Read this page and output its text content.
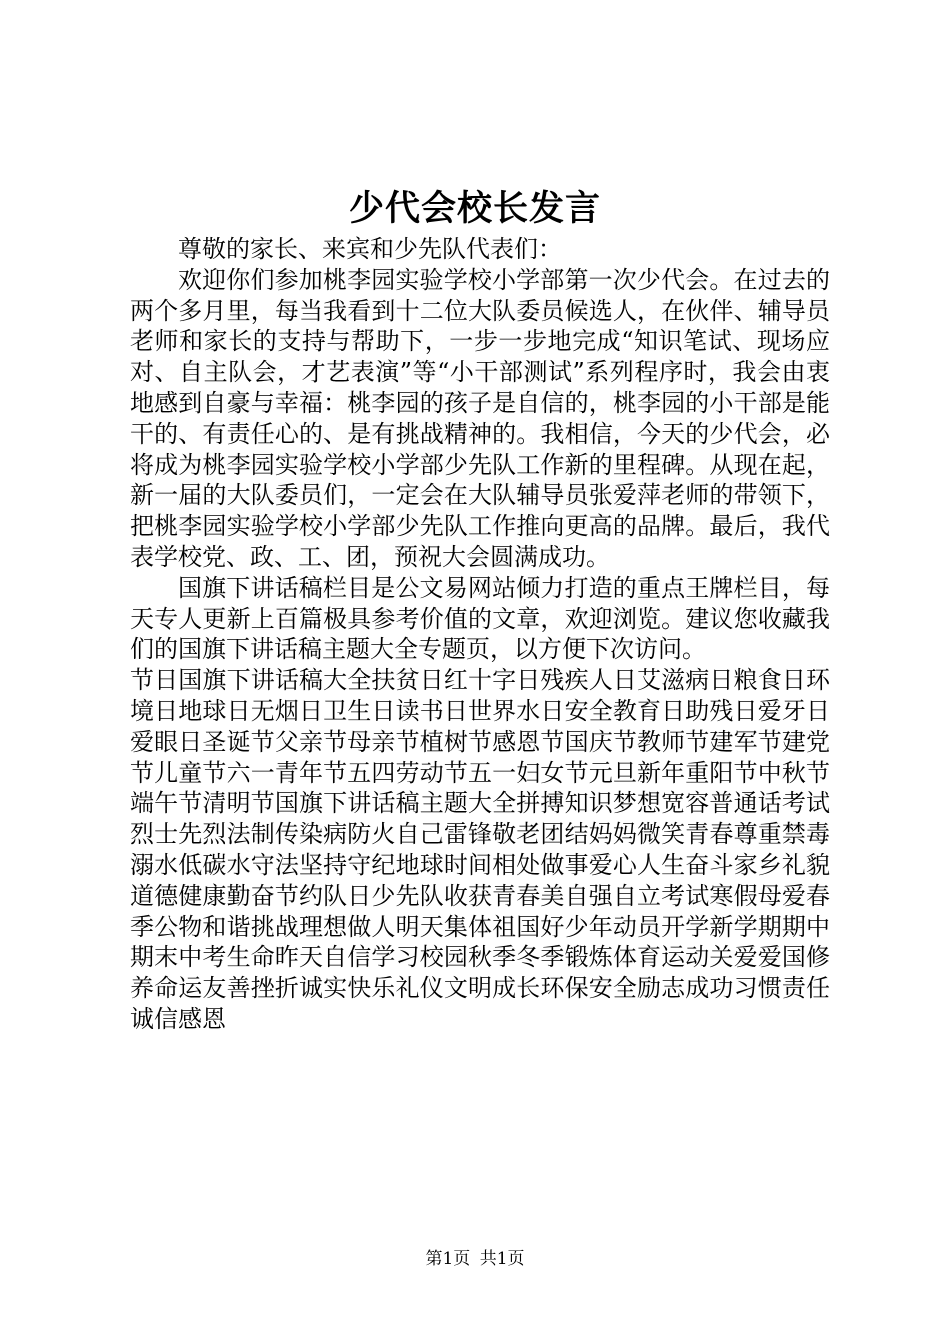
少代会校长发言

尊敬的家长、来宾和少先队代表们：

欢迎你们参加桃李园实验学校小学部第一次少代会。在过去的两个多月里，每当我看到十二位大队委员候选人，在伙伴、辅导员老师和家长的支持与帮助下，一步一步地完成“知识笔试、现场应对、自主队会，才艺表演”等“小干部测试”系列程序时，我会由衷地感到自豪与幸福：桃李园的孩子是自信的，桃李园的小干部是能干的、有责任心的、是有挑战精神的。我相信，今天的少代会，必将成为桃李园实验学校小学部少先队工作新的里程碑。从现在起，新一届的大队委员们，一定会在大队辅导员张爱萍老师的带领下，把桃李园实验学校小学部少先队工作推向更高的品牌。最后，我代表学校党、政、工、团，预祝大会圆满成功。

国旗下讲话稿栏目是公文易网站倾力打造的重点王牌栏目，每天专人更新上百篇极具参考价值的文章，欢迎浏览。建议您收藏我们的国旗下讲话稿主题大全专题页，以方便下次访问。

节日国旗下讲话稿大全扶贫日红十字日残疾人日艾滋病日粮食日环境日地球日无烟日卫生日读书日世界水日安全教育日助残日爱牙日爱眼日圣诞节父亲节母亲节植树节感恩节国庆节教师节建军节建党节儿童节六一青年节五四劳动节五一妇女节元旦新年重阳节中秋节端午节清明节国旗下讲话稿主题大全拼搏知识梦想宽容普通话考试烈士先烈法制传染病防火自己雷锋敬老团结妈妈微笑青春尊重禁毒溺水低碳水守法坚持守纪地球时间相处做事爱心人生奋斗家乡礼貌道德健康勤奋节约队日少先队收获青春美自强自立考试寒假母爱春季公物和谐挑战理想做人明天集体祖国好少年动员开学新学期期中期末中考生命昨天自信学习校园秋季冬季锻炼体育运动关爱爱国修养命运友善挫折诚实快乐礼仪文明成长环保安全励志成功习惯责任诚信感恩

第1页 共1页
